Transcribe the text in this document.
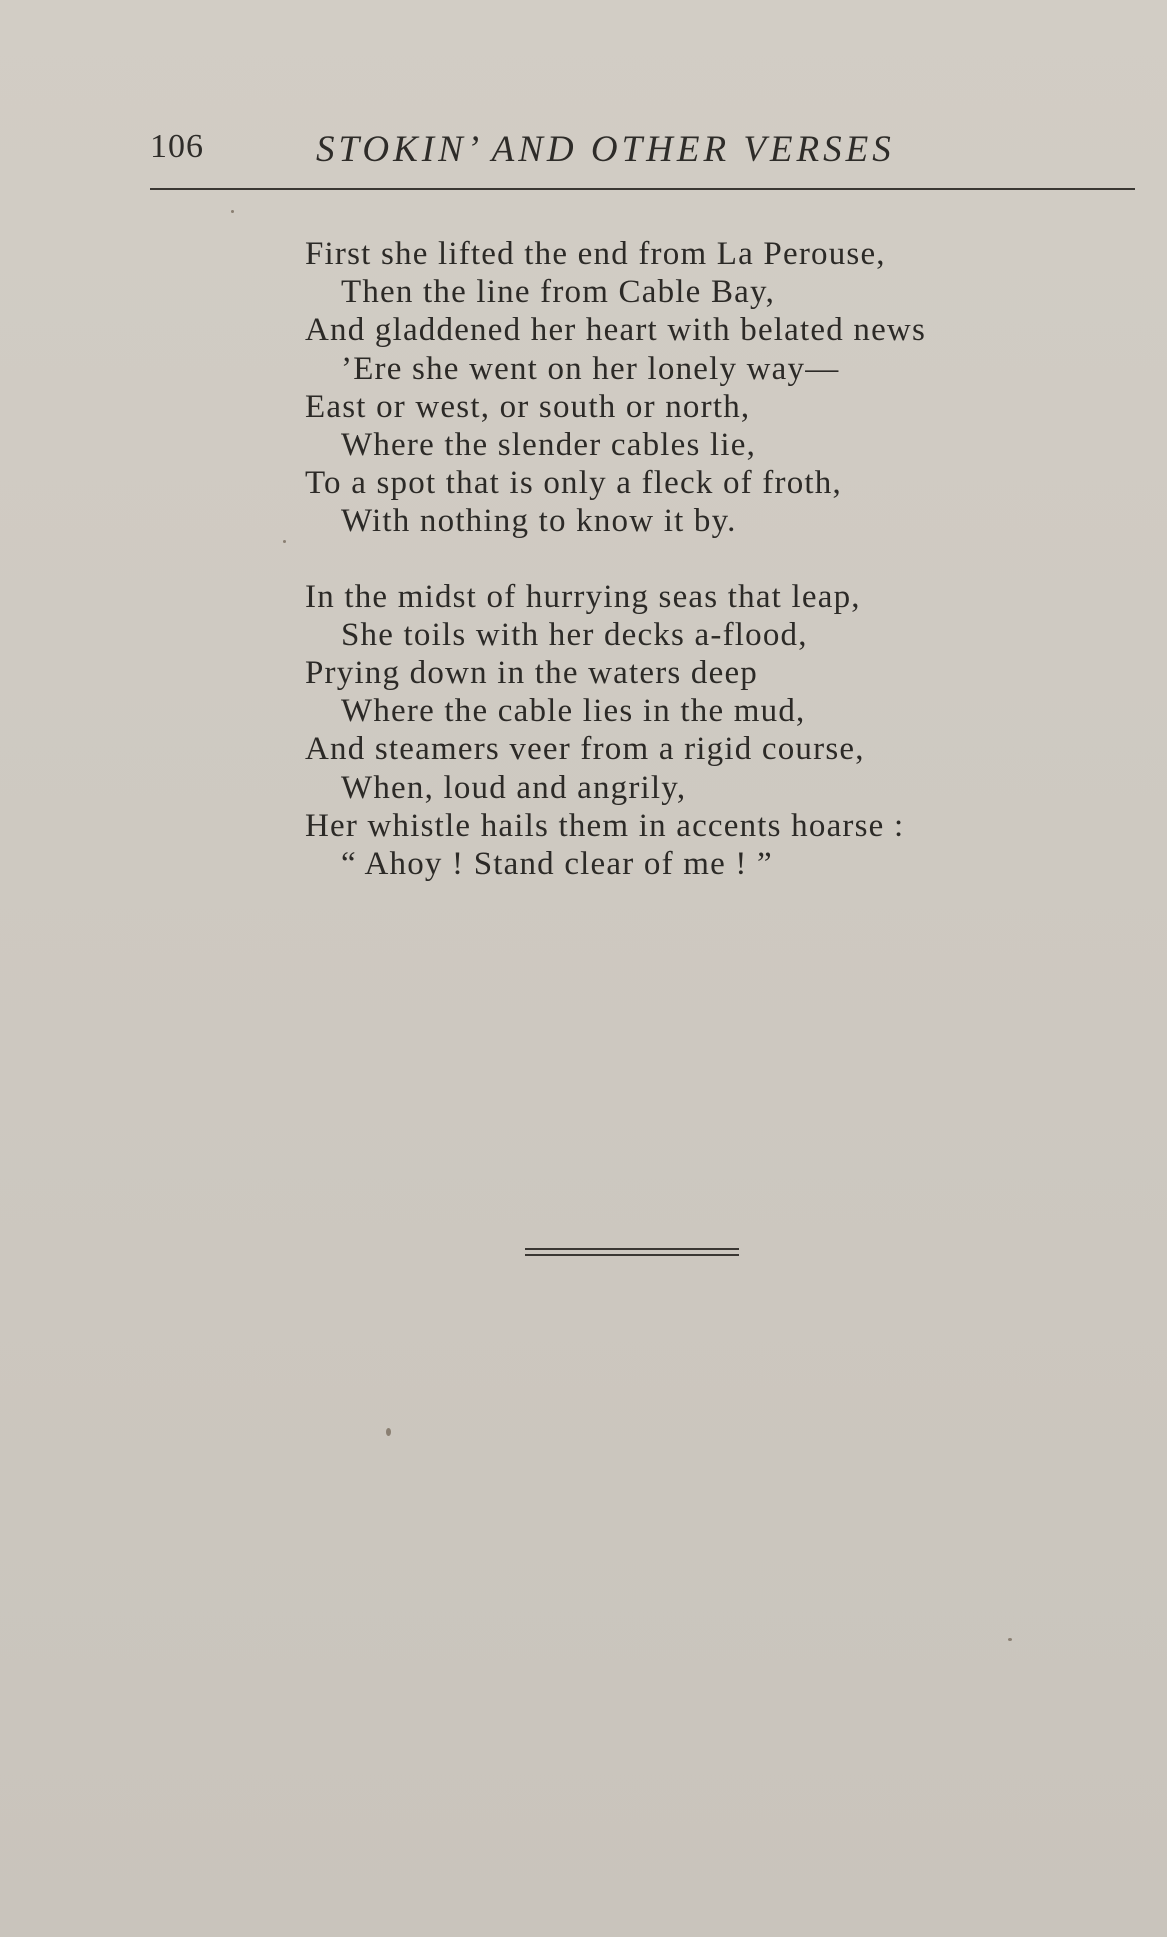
106	STOKIN’ AND OTHER VERSES
First she lifted the end from La Perouse,
Then the line from Cable Bay,
And gladdened her heart with belated news
’Ere she went on her lonely way—
East or west, or south or north,
Where the slender cables lie,
To a spot that is only a fleck of froth,
With nothing to know it by.
In the midst of hurrying seas that leap,
She toils with her decks a-flood,
Prying down in the waters deep
Where the cable lies in the mud,
And steamers veer from a rigid course,
When, loud and angrily,
Her whistle hails them in accents hoarse :
“ Ahoy ! Stand clear of me ! ”
